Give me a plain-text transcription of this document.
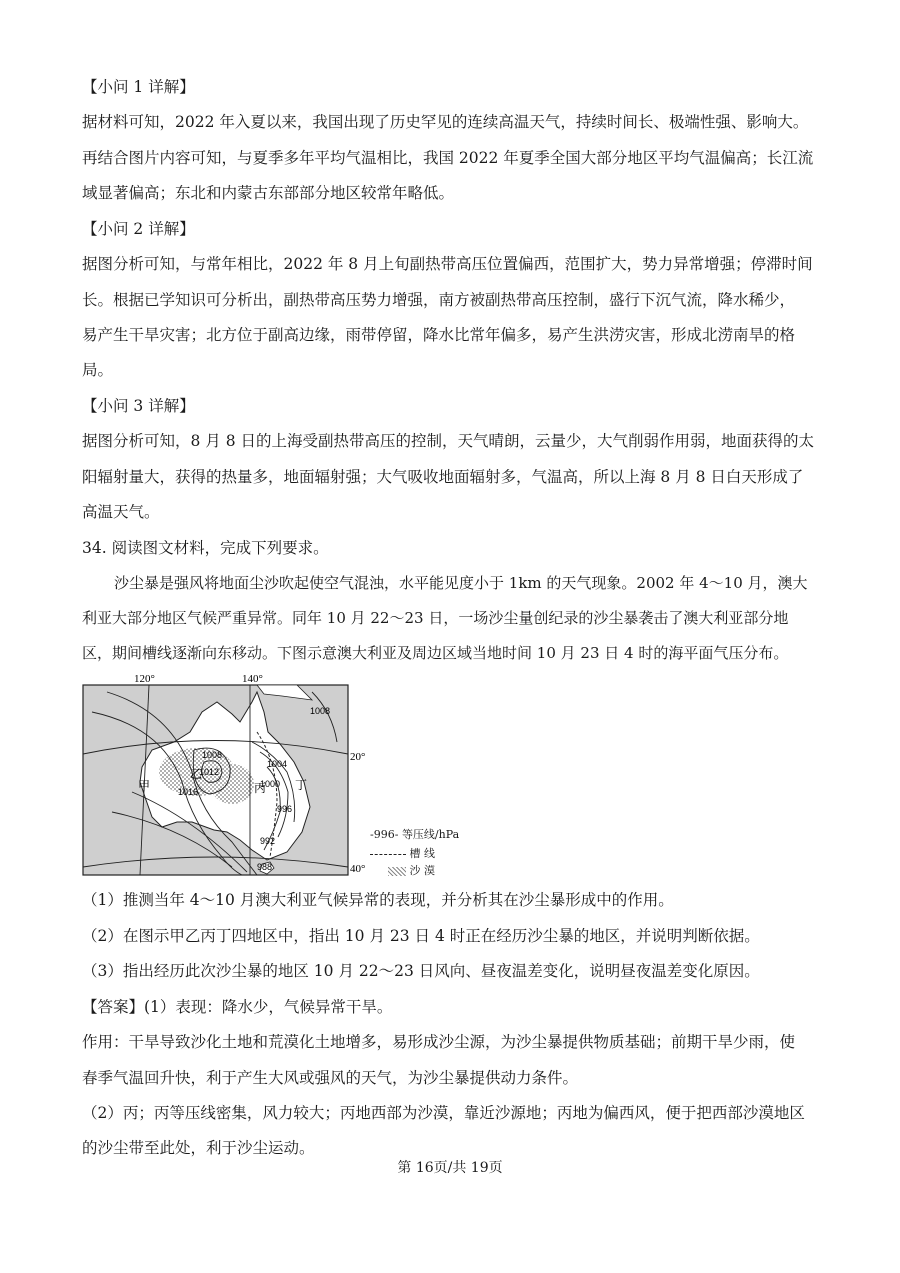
【小问 1 详解】
据材料可知，2022 年入夏以来，我国出现了历史罕见的连续高温天气，持续时间长、极端性强、影响大。
再结合图片内容可知，与夏季多年平均气温相比，我国 2022 年夏季全国大部分地区平均气温偏高；长江流
域显著偏高；东北和内蒙古东部部分地区较常年略低。
【小问 2 详解】
据图分析可知，与常年相比，2022 年 8 月上旬副热带高压位置偏西，范围扩大，势力异常增强；停滞时间
长。根据已学知识可分析出，副热带高压势力增强，南方被副热带高压控制，盛行下沉气流，降水稀少，
易产生干旱灾害；北方位于副高边缘，雨带停留，降水比常年偏多，易产生洪涝灾害，形成北涝南旱的格
局。
【小问 3 详解】
据图分析可知，8 月 8 日的上海受副热带高压的控制，天气晴朗，云量少，大气削弱作用弱，地面获得的太
阳辐射量大，获得的热量多，地面辐射强；大气吸收地面辐射多，气温高，所以上海 8 月 8 日白天形成了
高温天气。
34. 阅读图文材料，完成下列要求。
沙尘暴是强风将地面尘沙吹起使空气混浊，水平能见度小于 1km 的天气现象。2002 年 4～10 月，澳大
利亚大部分地区气候严重异常。同年 10 月 22～23 日，一场沙尘量创纪录的沙尘暴袭击了澳大利亚部分地
区，期间槽线逐渐向东移动。下图示意澳大利亚及周边区域当地时间 10 月 23 日 4 时的海平面气压分布。
120°	140°
20°
40°
甲
乙
丙 丁
1008
1008
1012
1016
1004
1000
996
992
988
-996- 等压线/hPa
槽 线
沙 漠
（1）推测当年 4～10 月澳大利亚气候异常的表现，并分析其在沙尘暴形成中的作用。
（2）在图示甲乙丙丁四地区中，指出 10 月 23 日 4 时正在经历沙尘暴的地区，并说明判断依据。
（3）指出经历此次沙尘暴的地区 10 月 22～23 日风向、昼夜温差变化，说明昼夜温差变化原因。
【答案】(1）表现：降水少，气候异常干旱。
作用：干旱导致沙化土地和荒漠化土地增多，易形成沙尘源，为沙尘暴提供物质基础；前期干旱少雨，使
春季气温回升快，利于产生大风或强风的天气，为沙尘暴提供动力条件。
（2）丙；丙等压线密集，风力较大；丙地西部为沙漠，靠近沙源地；丙地为偏西风，便于把西部沙漠地区
的沙尘带至此处，利于沙尘运动。
第 16页/共 19页
